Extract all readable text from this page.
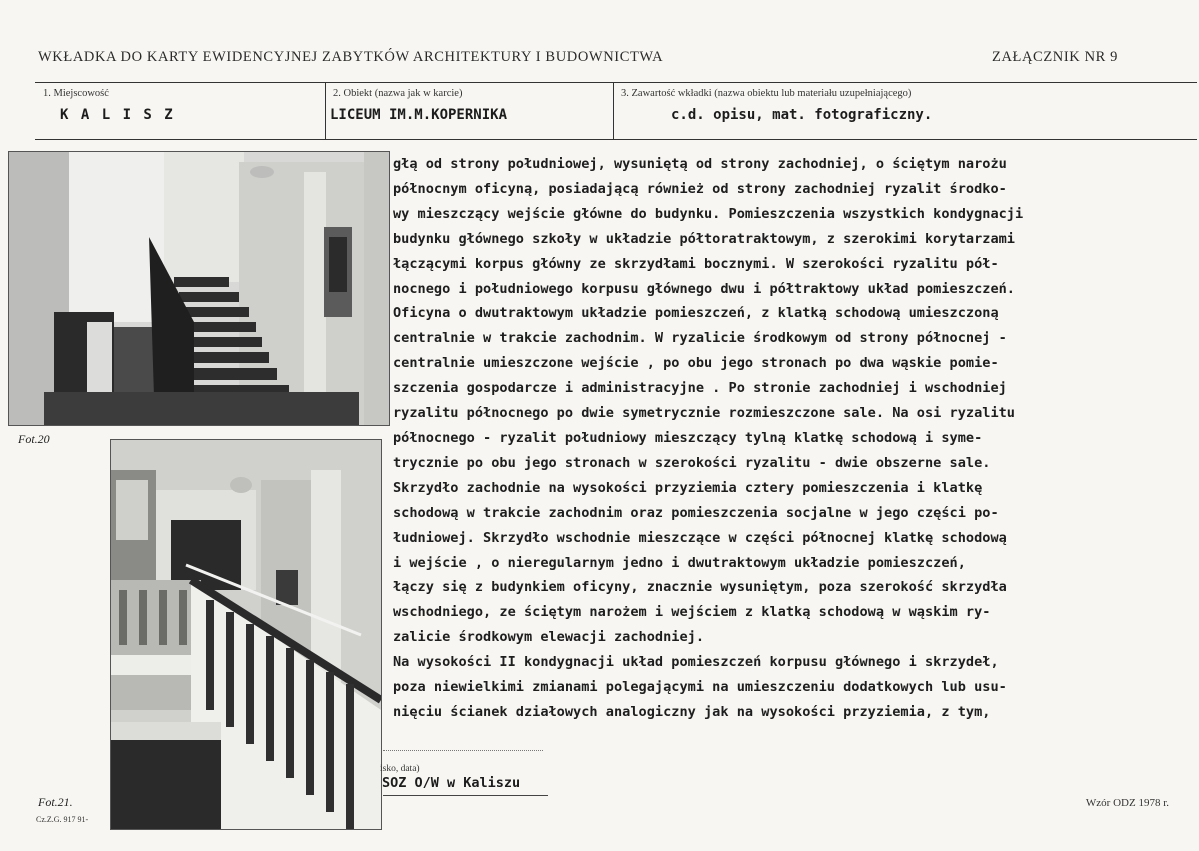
WKŁADKA DO KARTY EWIDENCYJNEJ ZABYTKÓW ARCHITEKTURY I BUDOWNICTWA	ZAŁĄCZNIK NR 9
1. Miejscowość
K A L I S Z
2. Obiekt (nazwa jak w karcie)
LICEUM IM.M.KOPERNIKA
3. Zawartość wkładki (nazwa obiektu lub materiału uzupełniającego)
c.d. opisu, mat. fotograficzny.
Fot.20
Fot.21.
Cz.Z.G. 917 91-
głą od strony południowej, wysuniętą od strony zachodniej, o ściętym narożu
północnym oficyną, posiadającą również od strony zachodniej ryzalit środko-
wy mieszczący wejście główne do budynku. Pomieszczenia wszystkich kondygnacji
budynku głównego szkoły w układzie półtoratraktowym, z szerokimi korytarzami
łączącymi korpus główny ze skrzydłami bocznymi. W szerokości ryzalitu pół-
nocnego i południowego korpusu głównego dwu i półtraktowy układ pomieszczeń.
Oficyna o dwutraktowym układzie pomieszczeń, z klatką schodową umieszczoną
centralnie w trakcie zachodnim. W ryzalicie środkowym od strony północnej -
centralnie umieszczone wejście , po obu jego stronach po dwa wąskie pomie-
szczenia gospodarcze i administracyjne . Po stronie zachodniej i wschodniej
ryzalitu północnego po dwie symetrycznie rozmieszczone sale. Na osi ryzalitu
północnego - ryzalit południowy mieszczący tylną klatkę schodową i syme-
trycznie po obu jego stronach w szerokości ryzalitu - dwie obszerne sale.
Skrzydło zachodnie na wysokości przyziemia cztery pomieszczenia i klatkę
schodową w trakcie zachodnim oraz pomieszczenia socjalne w jego części po-
łudniowej. Skrzydło wschodnie mieszczące w części północnej klatkę schodową
i wejście , o nieregularnym jedno i dwutraktowym układzie pomieszczeń,
łączy się z budynkiem oficyny, znacznie wysuniętym, poza szerokość skrzydła
wschodniego, ze ściętym narożem i wejściem z klatką schodową w wąskim ry-
zalicie środkowym elewacji zachodniej.
Na wysokości II kondygnacji układ pomieszczeń korpusu głównego i skrzydeł,
poza niewielkimi zmianami polegającymi na umieszczeniu dodatkowych lub usu-
nięciu ścianek działowych analogiczny jak na wysokości przyziemia, z tym,
isko, data)
SOZ O/W w Kaliszu
Wzór ODZ 1978 r.
